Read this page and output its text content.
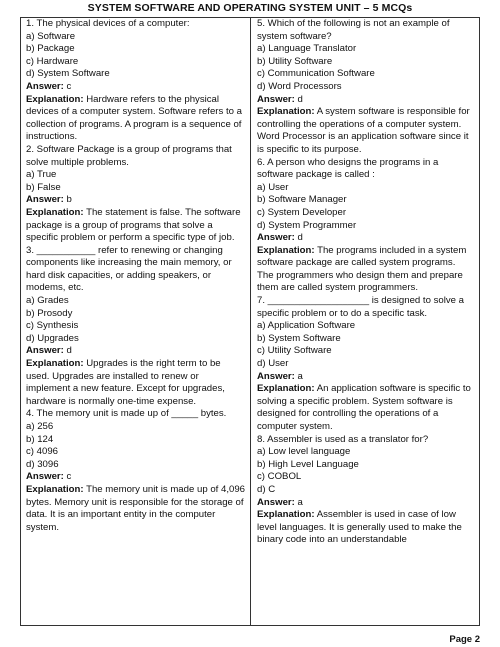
SYSTEM SOFTWARE AND OPERATING SYSTEM UNIT – 5 MCQs

1. The physical devices of a computer:

a) Software

b) Package

c) Hardware

d) System Software

Answer: c

Explanation: Hardware refers to the physical devices of a computer system. Software refers to a collection of programs. A program is a sequence of instructions.

2. Software Package is a group of programs that solve multiple problems.

a) True

b) False

Answer: b

Explanation: The statement is false. The software package is a group of programs that solve a specific problem or perform a specific type of job.

3. ___________ refer to renewing or changing components like increasing the main memory, or hard disk capacities, or adding speakers, or modems, etc.

a) Grades

b) Prosody

c) Synthesis

d) Upgrades

Answer: d

Explanation: Upgrades is the right term to be used. Upgrades are installed to renew or implement a new feature. Except for upgrades, hardware is normally one-time expense.

4. The memory unit is made up of _____ bytes.

a) 256

b) 124

c) 4096

d) 3096

Answer: c

Explanation: The memory unit is made up of 4,096 bytes. Memory unit is responsible for the storage of data. It is an important entity in the computer system.

5. Which of the following is not an example of system software?

a) Language Translator

b) Utility Software

c) Communication Software

d) Word Processors

Answer: d

Explanation: A system software is responsible for controlling the operations of a computer system. Word Processor is an application software since it is specific to its purpose.

6. A person who designs the programs in a software package is called :

a) User

b) Software Manager

c) System Developer

d) System Programmer

Answer: d

Explanation: The programs included in a system software package are called system programs. The programmers who design them and prepare them are called system programmers.

7. ___________________ is designed to solve a specific problem or to do a specific task.

a) Application Software

b) System Software

c) Utility Software

d) User

Answer: a

Explanation: An application software is specific to solving a specific problem. System software is designed for controlling the operations of a computer system.

8. Assembler is used as a translator for?

a) Low level language

b) High Level Language

c) COBOL

d) C

Answer: a

Explanation: Assembler is used in case of low level languages. It is generally used to make the binary code into an understandable

Page 2
